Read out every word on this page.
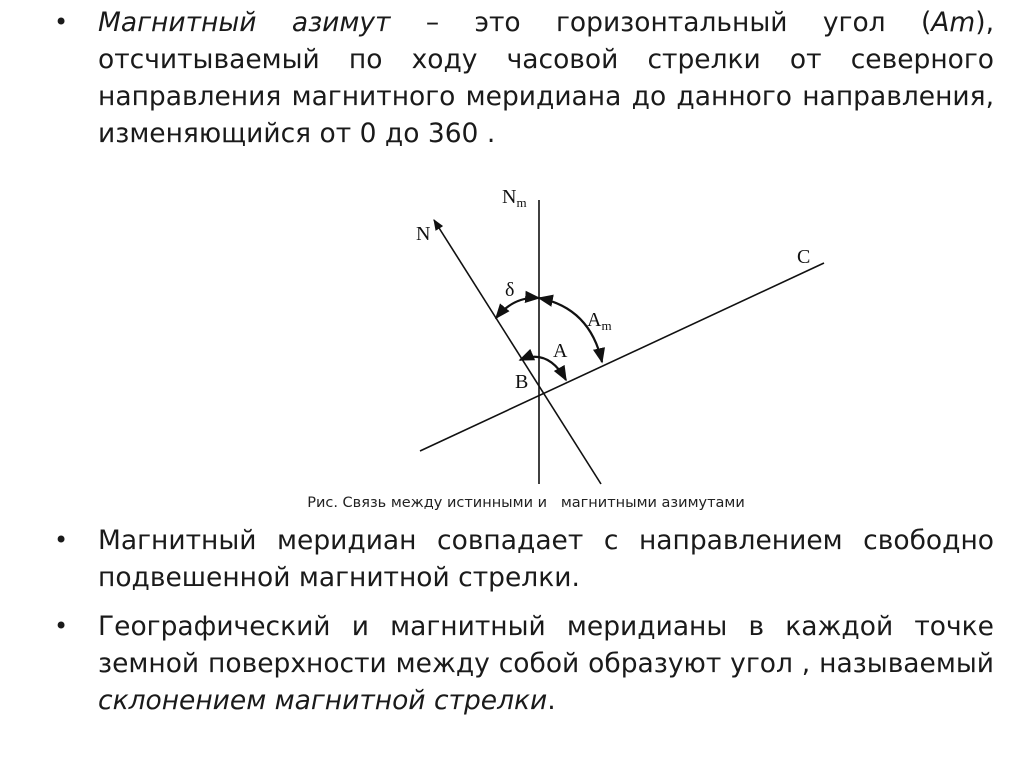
•	Магнитный азимут – это горизонтальный угол (Am), отсчитываемый по ходу часовой стрелки от северного направления магнитного меридиана до данного направления, изменяющийся от 0 до 360 .
N
$N_m$
δ
$A_m$
A
B
C
Рис. Связь между истинными и   магнитными азимутами
•	Магнитный меридиан совпадает с направлением свободно подвешенной магнитной стрелки.
•	Географический и магнитный меридианы в каждой точке земной поверхности между собой образуют угол , называемый склонением магнитной стрелки.
